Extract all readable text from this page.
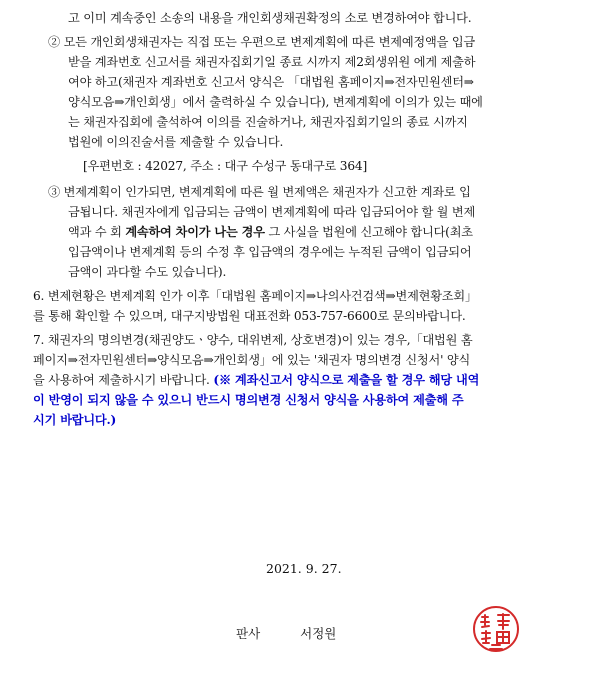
고 이미 계속중인 소송의 내용을 개인회생채권확정의 소로 변경하여야 합니다.
② 모든 개인회생채권자는 직접 또는 우편으로 변제계획에 따른 변제예정액을 입금
받을 계좌번호 신고서를 채권자집회기일 종료 시까지 제2회생위원 에게 제출하
여야 하고(채권자 계좌번호 신고서 양식은 「대법원 홈페이지⇒전자민원센터⇒
양식모음⇒개인회생」에서 출력하실 수 있습니다), 변제계획에 이의가 있는 때에
는 채권자집회에 출석하여 이의를 진술하거나, 채권자집회기일의 종료 시까지
법원에 이의진술서를 제출할 수 있습니다.
[우편번호 : 42027, 주소 : 대구 수성구 동대구로 364]
③ 변제계획이 인가되면, 변제계획에 따른 월 변제액은 채권자가 신고한 계좌로 입
금됩니다. 채권자에게 입금되는 금액이 변제계획에 따라 입금되어야 할 월 변제
액과 수 회 계속하여 차이가 나는 경우 그 사실을 법원에 신고해야 합니다(최초
입금액이나 변제계획 등의 수정 후 입금액의 경우에는 누적된 금액이 입금되어
금액이 과다할 수도 있습니다).
6. 변제현황은 변제계획 인가 이후「대법원 홈페이지⇒나의사건검색⇒변제현황조회」
를 통해 확인할 수 있으며, 대구지방법원 대표전화 053-757-6600로 문의바랍니다.
7. 채권자의 명의변경(채권양도ㆍ양수, 대위변제, 상호변경)이 있는 경우,「대법원 홈
페이지⇒전자민원센터⇒양식모음⇒개인회생」에 있는 '채권자 명의변경 신청서' 양식
을 사용하여 제출하시기 바랍니다. (※ 계좌신고서 양식으로 제출을 할 경우 해당 내역
이 반영이 되지 않을 수 있으니 반드시 명의변경 신청서 양식을 사용하여 제출해 주
시기 바랍니다.)
2021. 9. 27.
판사	서정원
